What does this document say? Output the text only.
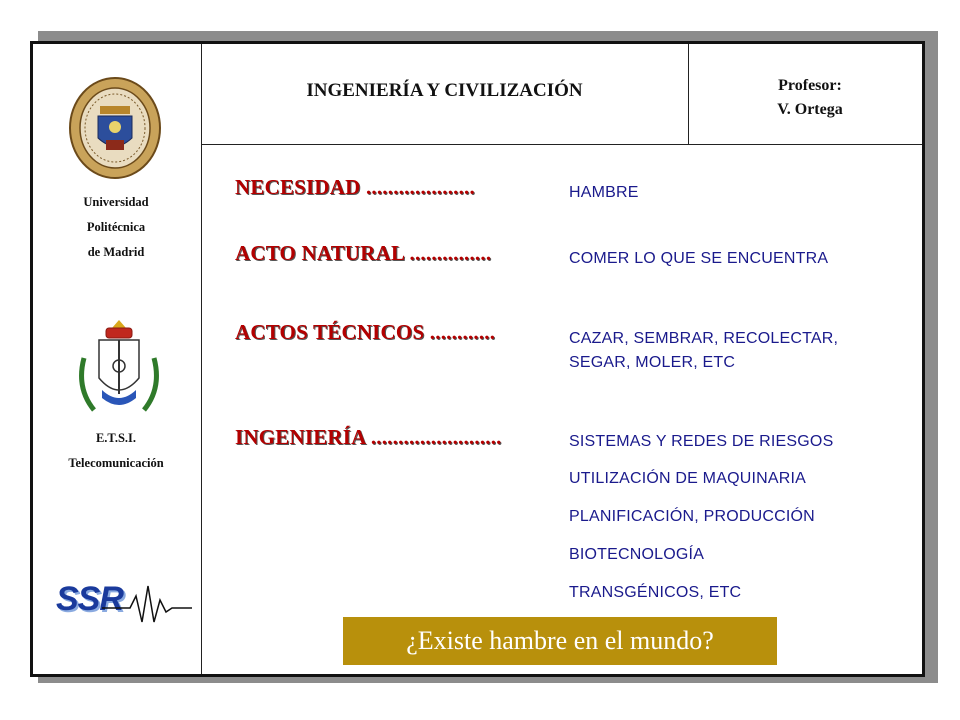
INGENIERÍA Y CIVILIZACIÓN	Profesor:
V. Ortega
Universidad
Politécnica
de Madrid
E.T.S.I.
Telecomunicación
SSR
NECESIDAD ....................
ACTO NATURAL ...............
ACTOS TÉCNICOS ............
INGENIERÍA ........................
HAMBRE
COMER LO QUE SE ENCUENTRA
CAZAR, SEMBRAR, RECOLECTAR,
SEGAR, MOLER, ETC
SISTEMAS Y REDES DE RIESGOS
UTILIZACIÓN DE MAQUINARIA
PLANIFICACIÓN, PRODUCCIÓN
BIOTECNOLOGÍA
TRANSGÉNICOS, ETC
¿Existe hambre en el mundo?
